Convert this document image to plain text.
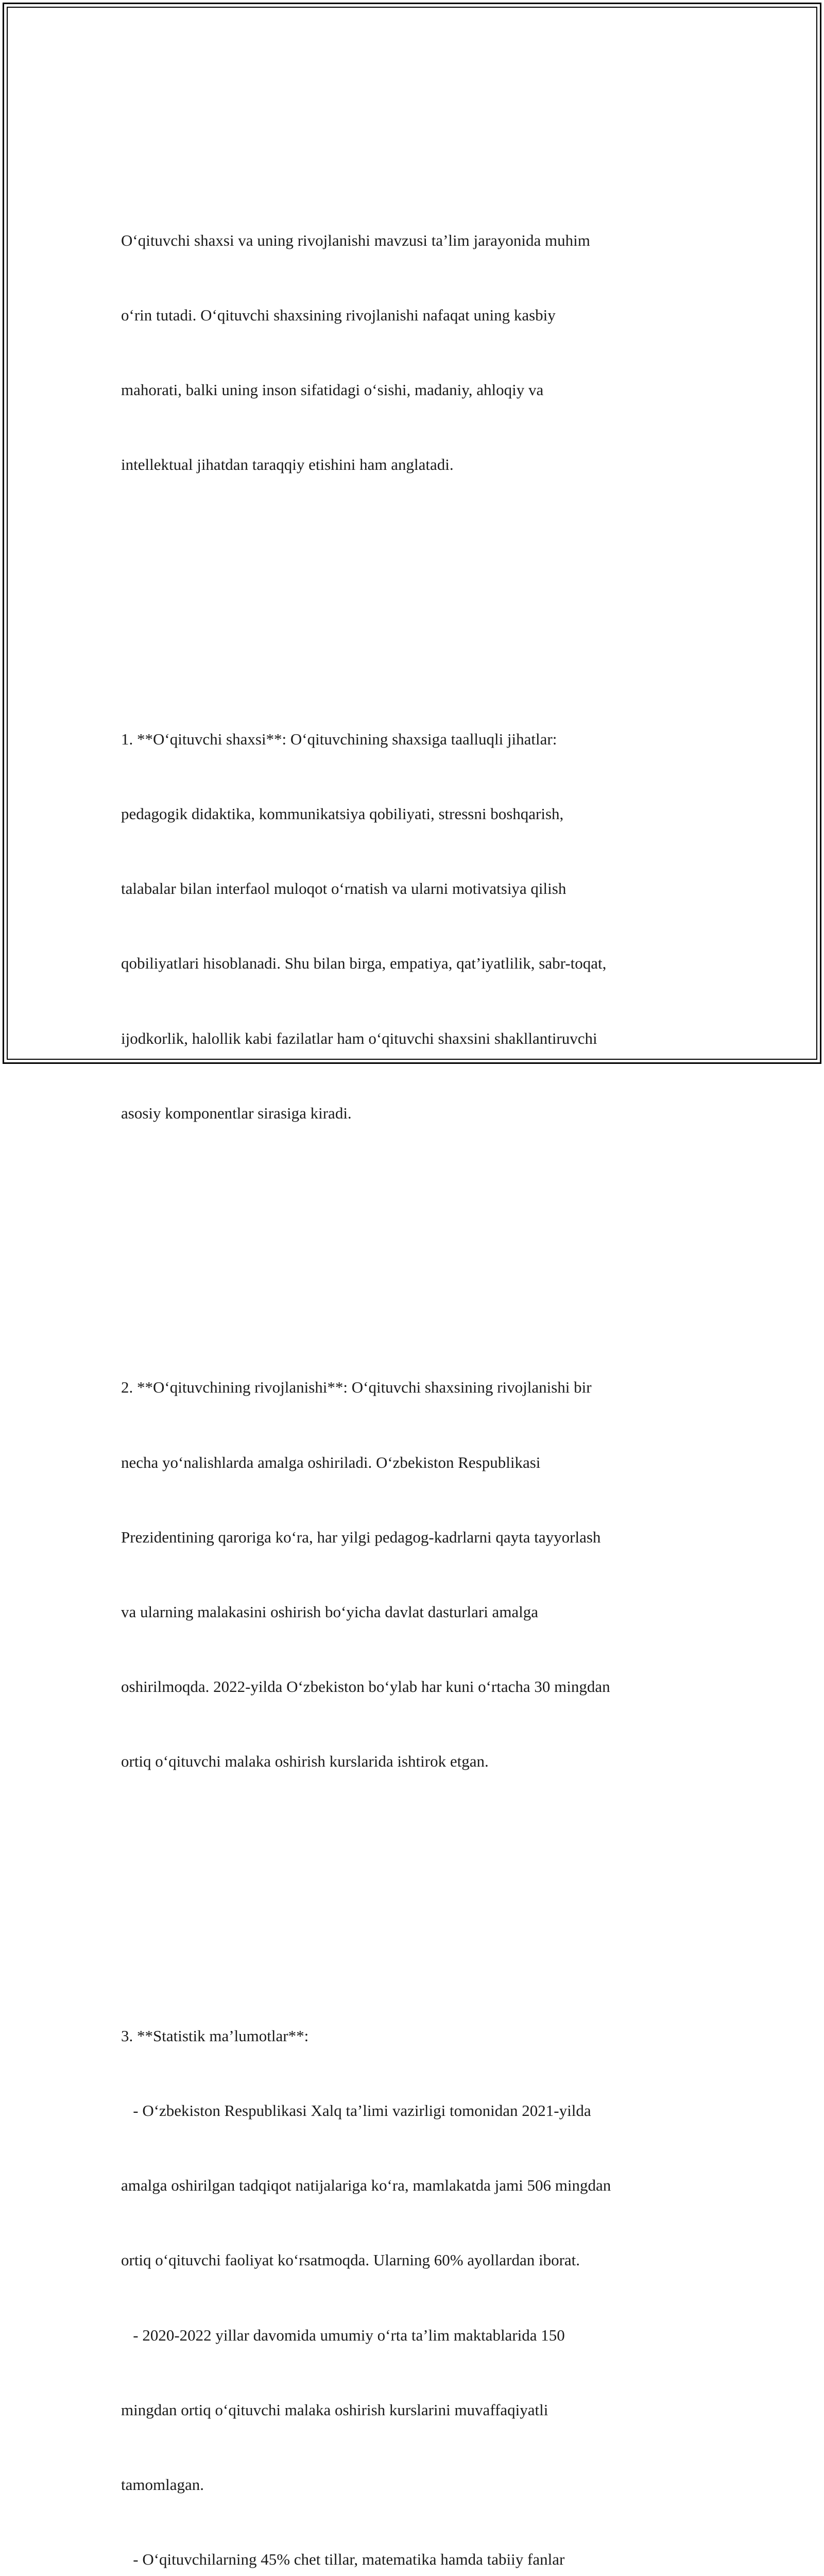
O‘qituvchi shaxsi va uning rivojlanishi mavzusi ta’lim jarayonida muhim

o‘rin tutadi. O‘qituvchi shaxsining rivojlanishi nafaqat uning kasbiy

mahorati, balki uning inson sifatidagi o‘sishi, madaniy, ahloqiy va

intellektual jihatdan taraqqiy etishini ham anglatadi.

1. **O‘qituvchi shaxsi**: O‘qituvchining shaxsiga taalluqli jihatlar:

pedagogik didaktika, kommunikatsiya qobiliyati, stressni boshqarish,

talabalar bilan interfaol muloqot o‘rnatish va ularni motivatsiya qilish

qobiliyatlari hisoblanadi. Shu bilan birga, empatiya, qat’iyatlilik, sabr-toqat,

ijodkorlik, halollik kabi fazilatlar ham o‘qituvchi shaxsini shakllantiruvchi

asosiy komponentlar sirasiga kiradi.

2. **O‘qituvchining rivojlanishi**: O‘qituvchi shaxsining rivojlanishi bir

necha yo‘nalishlarda amalga oshiriladi. O‘zbekiston Respublikasi

Prezidentining qaroriga ko‘ra, har yilgi pedagog-kadrlarni qayta tayyorlash

va ularning malakasini oshirish bo‘yicha davlat dasturlari amalga

oshirilmoqda. 2022-yilda O‘zbekiston bo‘ylab har kuni o‘rtacha 30 mingdan

ortiq o‘qituvchi malaka oshirish kurslarida ishtirok etgan.

3. **Statistik ma’lumotlar**:

- O‘zbekiston Respublikasi Xalq ta’limi vazirligi tomonidan 2021-yilda

amalga oshirilgan tadqiqot natijalariga ko‘ra, mamlakatda jami 506 mingdan

ortiq o‘qituvchi faoliyat ko‘rsatmoqda. Ularning 60% ayollardan iborat.

- 2020-2022 yillar davomida umumiy o‘rta ta’lim maktablarida 150

mingdan ortiq o‘qituvchi malaka oshirish kurslarini muvaffaqiyatli

tamomlagan.

- O‘qituvchilarning 45% chet tillar, matematika hamda tabiiy fanlar
